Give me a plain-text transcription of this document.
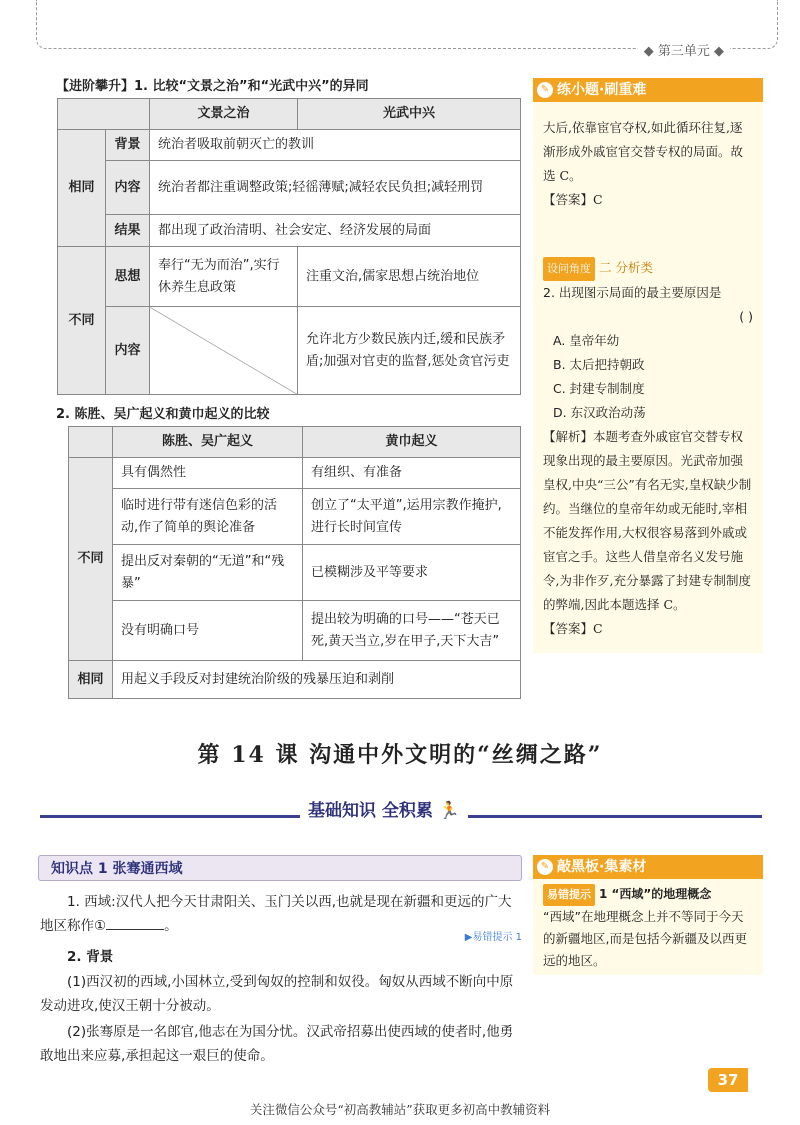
◆ 第三单元 ◆
【进阶攀升】1. 比较“文景之治”和“光武中兴”的异同
		文景之治	光武中兴
相同	背景	统治者吸取前朝灭亡的教训	
	内容	统治者都注重调整政策;轻徭薄赋;减轻农民负担;减轻刑罚	
	结果	都出现了政治清明、社会安定、经济发展的局面	
不同	思想	奉行“无为而治”,实行休养生息政策	注重文治,儒家思想占统治地位
	内容		允许北方少数民族内迁,缓和民族矛盾;加强对官吏的监督,惩处贪官污吏
2. 陈胜、吴广起义和黄巾起义的比较
	陈胜、吴广起义	黄巾起义
不同	具有偶然性	有组织、有准备
	临时进行带有迷信色彩的活动,作了简单的舆论准备	创立了“太平道”,运用宗教作掩护,进行长时间宣传
	提出反对秦朝的“无道”和“残暴”	已模糊涉及平等要求
	没有明确口号	提出较为明确的口号——“苍天已死,黄天当立,岁在甲子,天下大吉”
相同	用起义手段反对封建统治阶级的残暴压迫和剥削	
✎ 练小题·刷重难
大后,依靠宦官夺权,如此循环往复,逐渐形成外戚宦官交替专权的局面。故选 C。
【答案】C
设问角度 二 分析类
2. 出现图示局面的最主要原因是
( )
A. 皇帝年幼
B. 太后把持朝政
C. 封建专制制度
D. 东汉政治动荡
【解析】本题考查外戚宦官交替专权现象出现的最主要原因。光武帝加强皇权,中央“三公”有名无实,皇权缺少制约。当继位的皇帝年幼或无能时,宰相不能发挥作用,大权很容易落到外戚或宦官之手。这些人借皇帝名义发号施令,为非作歹,充分暴露了封建专制制度的弊端,因此本题选择 C。
【答案】C
第 14 课 沟通中外文明的“丝绸之路”
基础知识 全积累 🏃
知识点 1 张骞通西域
1. 西域:汉代人把今天甘肃阳关、玉门关以西,也就是现在新疆和更远的广大地区称作①	。
▶易错提示 1
2. 背景
(1)西汉初的西域,小国林立,受到匈奴的控制和奴役。匈奴从西域不断向中原发动进攻,使汉王朝十分被动。
(2)张骞原是一名郎官,他志在为国分忧。汉武帝招募出使西域的使者时,他勇敢地出来应募,承担起这一艰巨的使命。
✎ 敲黑板·集素材
易错提示 1 “西域”的地理概念
“西域”在地理概念上并不等同于今天的新疆地区,而是包括今新疆及以西更远的地区。
37
关注微信公众号“初高教辅站”获取更多初高中教辅资料
